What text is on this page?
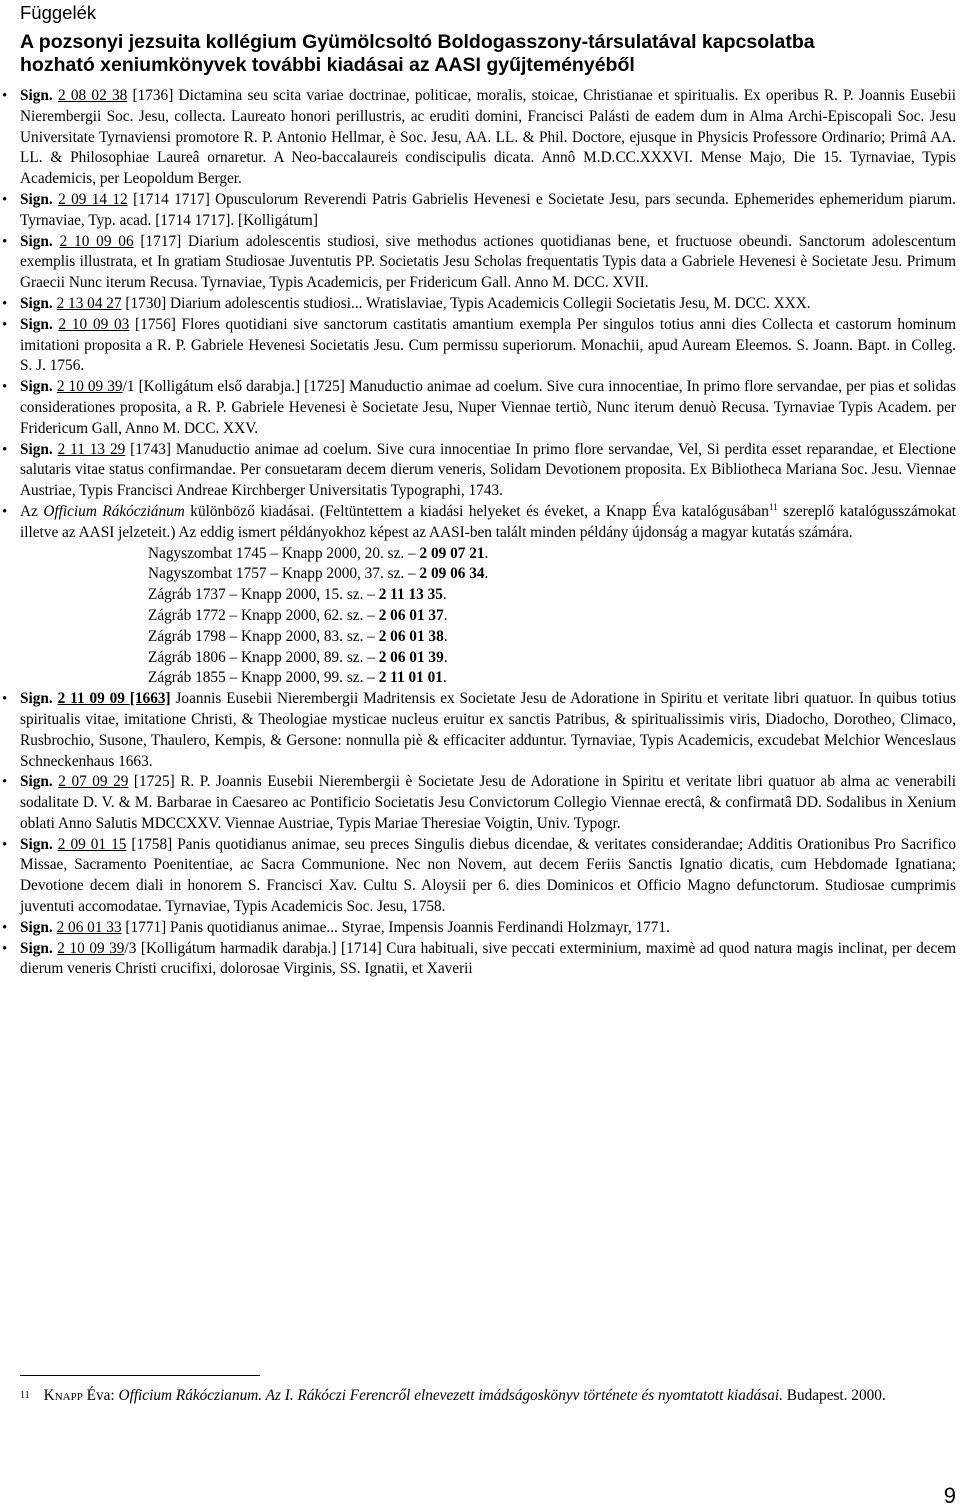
Függelék
A pozsonyi jezsuita kollégium Gyümölcsoltó Boldogasszony-társulatával kapcsolatba
hozható xeniumkönyvek további kiadásai az AASI gyűjteményéből
• Sign. 2 08 02 38 [1736] Dictamina seu scita variae doctrinae, politicae, moralis, stoicae, Christianae et spiritualis. Ex operibus R. P. Joannis Eusebii Nierembergii Soc. Jesu, collecta. Laureato honori perillustris, ac eruditi domini, Francisci Palásti de eadem dum in Alma Archi-Episcopali Soc. Jesu Universitate Tyrnaviensi promotore R. P. Antonio Hellmar, è Soc. Jesu, AA. LL. & Phil. Doctore, ejusque in Physicis Professore Ordinario; Primâ AA. LL. & Philosophiae Laureâ ornaretur. A Neo-baccalaureis condiscipulis dicata. Annô M.D.CC.XXXVI. Mense Majo, Die 15. Tyrnaviae, Typis Academicis, per Leopoldum Berger.
• Sign. 2 09 14 12 [1714 1717] Opusculorum Reverendi Patris Gabrielis Hevenesi e Societate Jesu, pars secunda. Ephemerides ephemeridum piarum. Tyrnaviae, Typ. acad. [1714 1717]. [Kolligátum]
• Sign. 2 10 09 06 [1717] Diarium adolescentis studiosi, sive methodus actiones quotidianas bene, et fructuose obeundi. Sanctorum adolescentum exemplis illustrata, et In gratiam Studiosae Juventutis PP. Societatis Jesu Scholas frequentatis Typis data a Gabriele Hevenesi è Societate Jesu. Primum Graecii Nunc iterum Recusa. Tyrnaviae, Typis Academicis, per Fridericum Gall. Anno M. DCC. XVII.
• Sign. 2 13 04 27 [1730] Diarium adolescentis studiosi... Wratislaviae, Typis Academicis Collegii Societatis Jesu, M. DCC. XXX.
• Sign. 2 10 09 03 [1756] Flores quotidiani sive sanctorum castitatis amantium exempla Per singulos totius anni dies Collecta et castorum hominum imitationi proposita a R. P. Gabriele Hevenesi Societatis Jesu. Cum permissu superiorum. Monachii, apud Auream Eleemos. S. Joann. Bapt. in Colleg. S. J. 1756.
• Sign. 2 10 09 39/1 [Kolligátum első darabja.] [1725] Manuductio animae ad coelum. Sive cura innocentiae, In primo flore servandae, per pias et solidas considerationes proposita, a R. P. Gabriele Hevenesi è Societate Jesu, Nuper Viennae tertiò, Nunc iterum denuò Recusa. Tyrnaviae Typis Academ. per Fridericum Gall, Anno M. DCC. XXV.
• Sign. 2 11 13 29 [1743] Manuductio animae ad coelum. Sive cura innocentiae In primo flore servandae, Vel, Si perdita esset reparandae, et Electione salutaris vitae status confirmandae. Per consuetaram decem dierum veneris, Solidam Devotionem proposita. Ex Bibliotheca Mariana Soc. Jesu. Viennae Austriae, Typis Francisci Andreae Kirchberger Universitatis Typographi, 1743.
• Az Officium Rákócziánum különböző kiadásai. (Feltüntettem a kiadási helyeket és éveket, a Knapp Éva katalógusában$^{11}$ szereplő katalógusszámokat illetve az AASI jelzeteit.) Az eddig ismert példányokhoz képest az AASI-ben talált minden példány újdonság a magyar kutatás számára.
Nagyszombat 1745 – Knapp 2000, 20. sz. – 2 09 07 21.
Nagyszombat 1757 – Knapp 2000, 37. sz. – 2 09 06 34.
Zágráb 1737 – Knapp 2000, 15. sz. – 2 11 13 35.
Zágráb 1772 – Knapp 2000, 62. sz. – 2 06 01 37.
Zágráb 1798 – Knapp 2000, 83. sz. – 2 06 01 38.
Zágráb 1806 – Knapp 2000, 89. sz. – 2 06 01 39.
Zágráb 1855 – Knapp 2000, 99. sz. – 2 11 01 01.
• Sign. 2 11 09 09 [1663] Joannis Eusebii Nierembergii Madritensis ex Societate Jesu de Adoratione in Spiritu et veritate libri quatuor. In quibus totius spiritualis vitae, imitatione Christi, & Theologiae mysticae nucleus eruitur ex sanctis Patribus, & spiritualissimis viris, Diadocho, Dorotheo, Climaco, Rusbrochio, Susone, Thaulero, Kempis, & Gersone: nonnulla piè & efficaciter adduntur. Tyrnaviae, Typis Academicis, excudebat Melchior Wenceslaus Schneckenhaus 1663.
• Sign. 2 07 09 29 [1725] R. P. Joannis Eusebii Nierembergii è Societate Jesu de Adoratione in Spiritu et veritate libri quatuor ab alma ac venerabili sodalitate D. V. & M. Barbarae in Caesareo ac Pontificio Societatis Jesu Convictorum Collegio Viennae erectâ, & confirmatâ DD. Sodalibus in Xenium oblati Anno Salutis MDCCXXV. Viennae Austriae, Typis Mariae Theresiae Voigtin, Univ. Typogr.
• Sign. 2 09 01 15 [1758] Panis quotidianus animae, seu preces Singulis diebus dicendae, & veritates considerandae; Additis Orationibus Pro Sacrifico Missae, Sacramento Poenitentiae, ac Sacra Communione. Nec non Novem, aut decem Feriis Sanctis Ignatio dicatis, cum Hebdomade Ignatiana; Devotione decem diali in honorem S. Francisci Xav. Cultu S. Aloysii per 6. dies Dominicos et Officio Magno defunctorum. Studiosae cumprimis juventuti accomodatae. Tyrnaviae, Typis Academicis Soc. Jesu, 1758.
• Sign. 2 06 01 33 [1771] Panis quotidianus animae... Styrae, Impensis Joannis Ferdinandi Holzmayr, 1771.
• Sign. 2 10 09 39/3 [Kolligátum harmadik darabja.] [1714] Cura habituali, sive peccati exterminium, maximè ad quod natura magis inclinat, per decem dierum veneris Christi crucifixi, dolorosae Virginis, SS. Ignatii, et Xaverii
$^{11}$ Knapp Éva: Officium Rákóczianum. Az I. Rákóczi Ferencről elnevezett imádságoskönyv története és nyomtatott kiadásai. Budapest. 2000.
9
